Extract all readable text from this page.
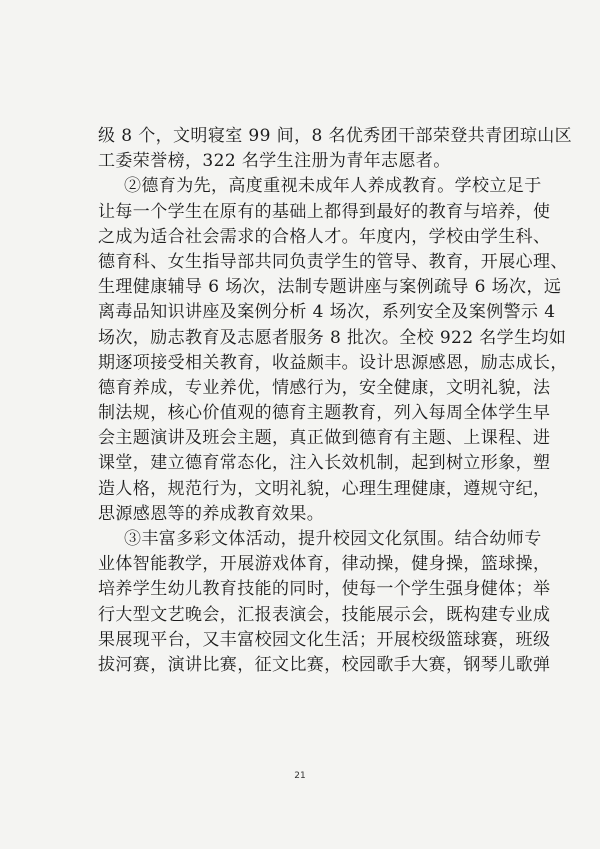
级 8 个，文明寝室 99 间，8 名优秀团干部荣登共青团琼山区
工委荣誉榜，322 名学生注册为青年志愿者。
②德育为先，高度重视未成年人养成教育。学校立足于
让每一个学生在原有的基础上都得到最好的教育与培养，使
之成为适合社会需求的合格人才。年度内，学校由学生科、
德育科、女生指导部共同负责学生的管导、教育，开展心理、
生理健康辅导 6 场次，法制专题讲座与案例疏导 6 场次，远
离毒品知识讲座及案例分析 4 场次，系列安全及案例警示 4
场次，励志教育及志愿者服务 8 批次。全校 922 名学生均如
期逐项接受相关教育，收益颇丰。设计思源感恩，励志成长，
德育养成，专业养优，情感行为，安全健康，文明礼貌，法
制法规，核心价值观的德育主题教育，列入每周全体学生早
会主题演讲及班会主题，真正做到德育有主题、上课程、进
课堂，建立德育常态化，注入长效机制，起到树立形象，塑
造人格，规范行为，文明礼貌，心理生理健康，遵规守纪，
思源感恩等的养成教育效果。
③丰富多彩文体活动，提升校园文化氛围。结合幼师专
业体智能教学，开展游戏体育，律动操，健身操，篮球操，
培养学生幼儿教育技能的同时，使每一个学生强身健体；举
行大型文艺晚会，汇报表演会，技能展示会，既构建专业成
果展现平台，又丰富校园文化生活；开展校级篮球赛，班级
拔河赛，演讲比赛，征文比赛，校园歌手大赛，钢琴儿歌弹
21
